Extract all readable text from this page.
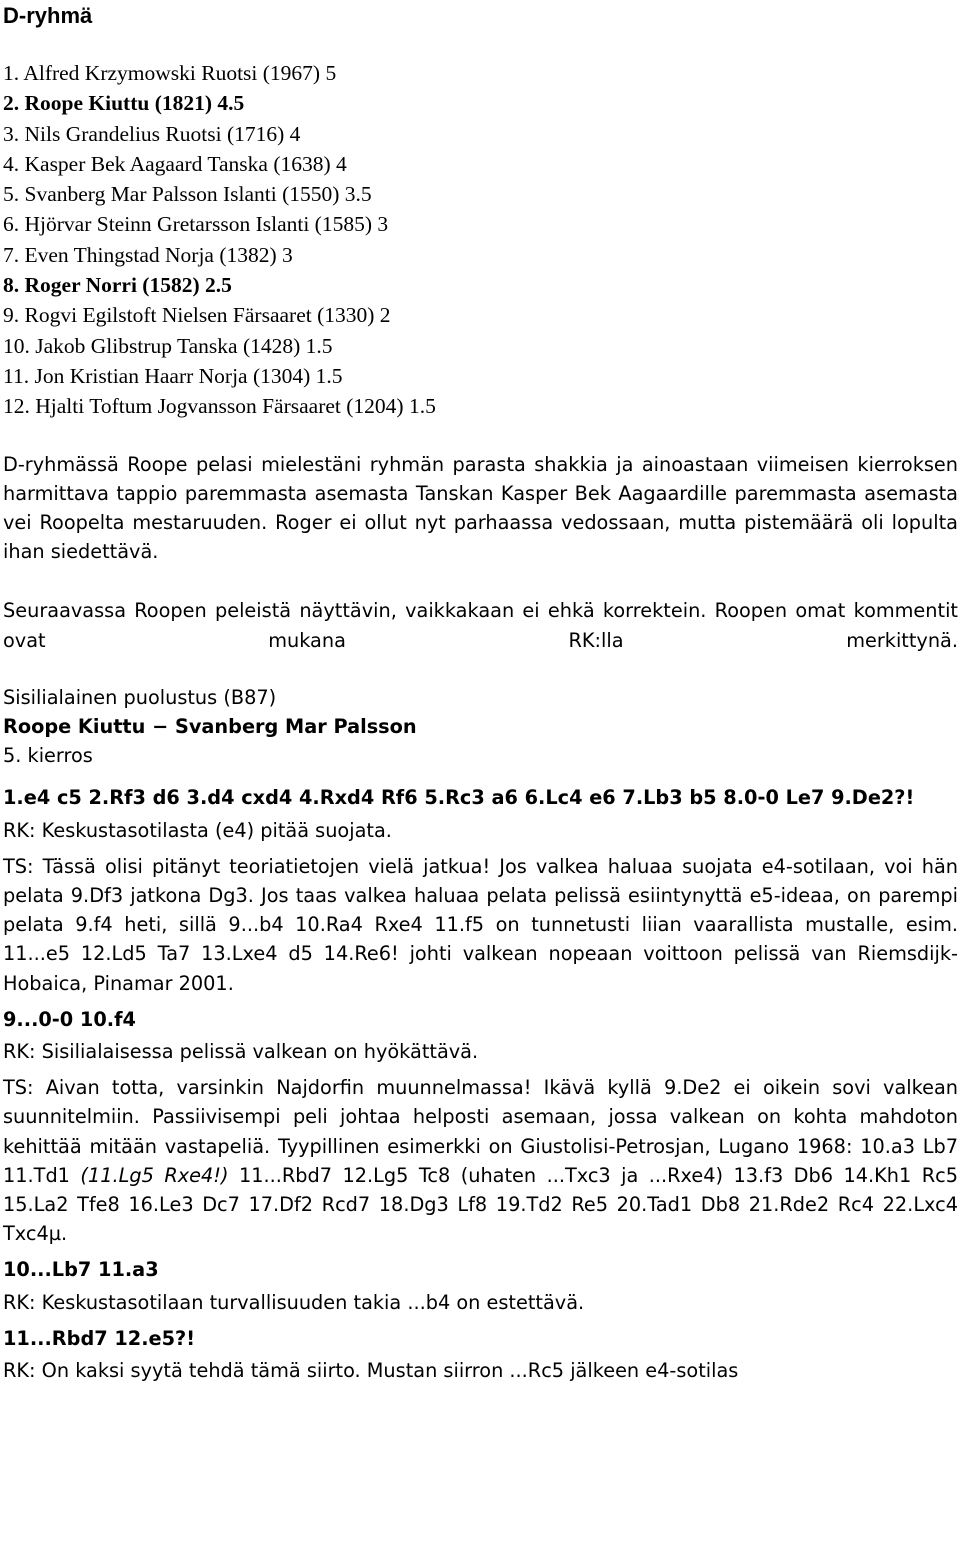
D-ryhmä
1. Alfred Krzymowski Ruotsi (1967) 5
2. Roope Kiuttu (1821) 4.5
3. Nils Grandelius Ruotsi (1716) 4
4. Kasper Bek Aagaard Tanska (1638) 4
5. Svanberg Mar Palsson Islanti (1550) 3.5
6. Hjörvar Steinn Gretarsson Islanti (1585) 3
7. Even Thingstad Norja (1382) 3
8. Roger Norri (1582) 2.5
9. Rogvi Egilstoft Nielsen Färsaaret (1330) 2
10. Jakob Glibstrup Tanska (1428) 1.5
11. Jon Kristian Haarr Norja (1304) 1.5
12. Hjalti Toftum Jogvansson Färsaaret (1204) 1.5

D-ryhmässä Roope pelasi mielestäni ryhmän parasta shakkia ja ainoastaan viimeisen kierroksen harmittava tappio paremmasta asemasta Tanskan Kasper Bek Aagaardille paremmasta asemasta vei Roopelta mestaruuden. Roger ei ollut nyt parhaassa vedossaan, mutta pistemäärä oli lopulta ihan siedettävä.

Seuraavassa Roopen peleistä näyttävin, vaikkakaan ei ehkä korrektein. Roopen omat kommentit ovat mukana RK:lla merkittynä.

Sisilialainen puolustus (B87)

Roope Kiuttu − Svanberg Mar Palsson

5. kierros

1.e4 c5 2.Rf3 d6 3.d4 cxd4 4.Rxd4 Rf6 5.Rc3 a6 6.Lc4 e6 7.Lb3 b5 8.0-0 Le7 9.De2?!

RK: Keskustasotilasta (e4) pitää suojata.

TS: Tässä olisi pitänyt teoriatietojen vielä jatkua! Jos valkea haluaa suojata e4-sotilaan, voi hän pelata 9.Df3 jatkona Dg3. Jos taas valkea haluaa pelata pelissä esiintynyttä e5-ideaa, on parempi pelata 9.f4 heti, sillä 9...b4 10.Ra4 Rxe4 11.f5 on tunnetusti liian vaarallista mustalle, esim. 11...e5 12.Ld5 Ta7 13.Lxe4 d5 14.Re6! johti valkean nopeaan voittoon pelissä van Riemsdijk-Hobaica, Pinamar 2001.

9...0-0 10.f4

RK: Sisilialaisessa pelissä valkean on hyökättävä.

TS: Aivan totta, varsinkin Najdorfin muunnelmassa! Ikävä kyllä 9.De2 ei oikein sovi valkean suunnitelmiin. Passiivisempi peli johtaa helposti asemaan, jossa valkean on kohta mahdoton kehittää mitään vastapeliä. Tyypillinen esimerkki on Giustolisi-Petrosjan, Lugano 1968: 10.a3 Lb7 11.Td1 (11.Lg5 Rxe4!) 11...Rbd7 12.Lg5 Tc8 (uhaten ...Txc3 ja ...Rxe4) 13.f3 Db6 14.Kh1 Rc5 15.La2 Tfe8 16.Le3 Dc7 17.Df2 Rcd7 18.Dg3 Lf8 19.Td2 Re5 20.Tad1 Db8 21.Rde2 Rc4 22.Lxc4 Txc4µ.

10...Lb7 11.a3

RK: Keskustasotilaan turvallisuuden takia ...b4 on estettävä.

11...Rbd7 12.e5?!

RK: On kaksi syytä tehdä tämä siirto. Mustan siirron ...Rc5 jälkeen e4-sotilas
